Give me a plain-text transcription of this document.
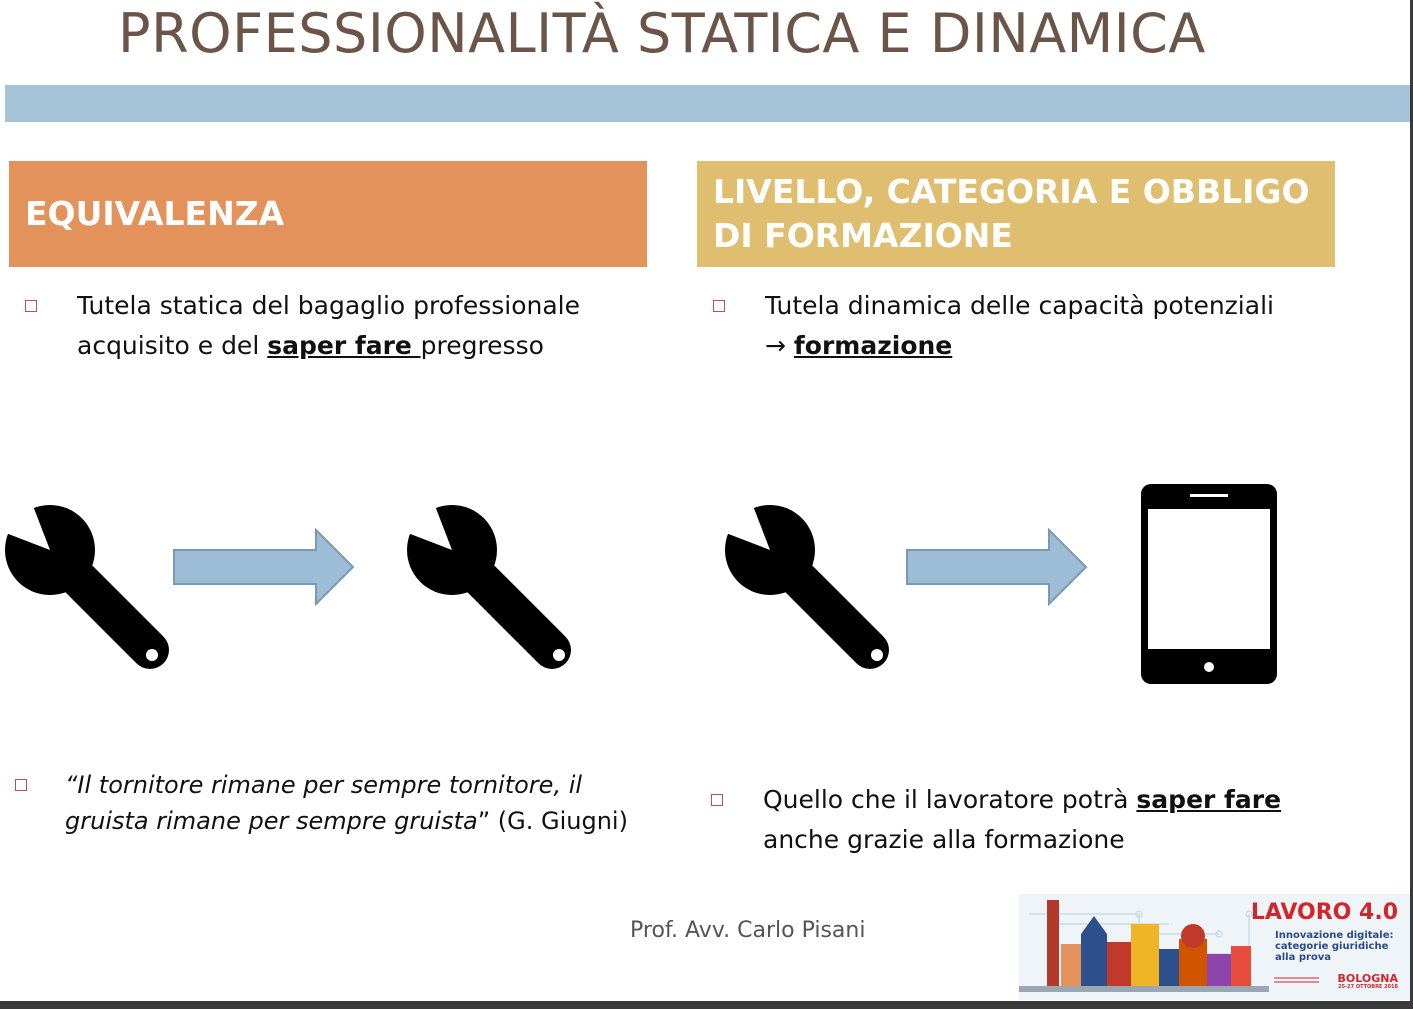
PROFESSIONALITÀ STATICA E DINAMICA
EQUIVALENZA
LIVELLO, CATEGORIA E OBBLIGO
DI FORMAZIONE
Tutela statica del bagaglio professionale acquisito e del saper fare pregresso
Tutela dinamica delle capacità potenziali
→ formazione
“Il tornitore rimane per sempre tornitore, il gruista rimane per sempre gruista” (G. Giugni)
Quello che il lavoratore potrà saper fare anche grazie alla formazione
Prof. Avv. Carlo Pisani
LAVORO 4.0
Innovazione digitale:
categorie giuridiche
alla prova
BOLOGNA
25-27 OTTOBRE 2018
